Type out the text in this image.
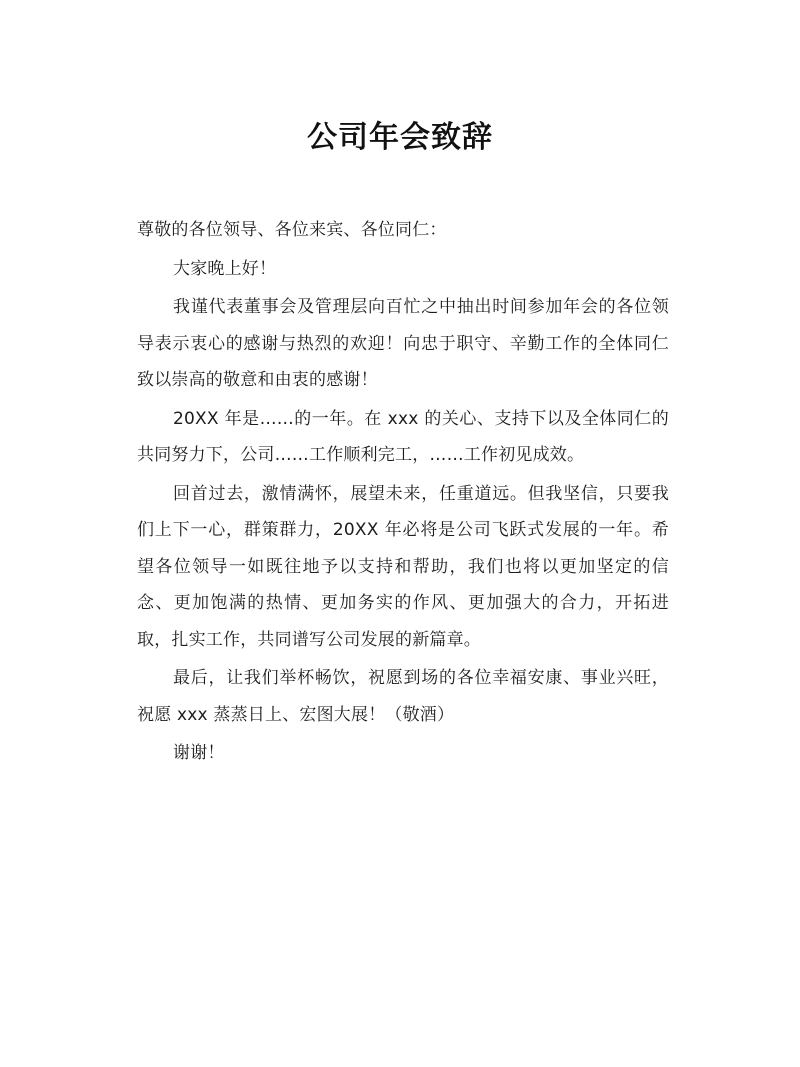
公司年会致辞

尊敬的各位领导、各位来宾、各位同仁：

大家晚上好！

我谨代表董事会及管理层向百忙之中抽出时间参加年会的各位领导表示衷心的感谢与热烈的欢迎！向忠于职守、辛勤工作的全体同仁致以崇高的敬意和由衷的感谢！

20XX 年是……的一年。在 xxx 的关心、支持下以及全体同仁的共同努力下，公司……工作顺利完工，……工作初见成效。

回首过去，激情满怀，展望未来，任重道远。但我坚信，只要我们上下一心，群策群力，20XX 年必将是公司飞跃式发展的一年。希望各位领导一如既往地予以支持和帮助，我们也将以更加坚定的信念、更加饱满的热情、更加务实的作风、更加强大的合力，开拓进取，扎实工作，共同谱写公司发展的新篇章。

最后，让我们举杯畅饮，祝愿到场的各位幸福安康、事业兴旺，祝愿 xxx 蒸蒸日上、宏图大展！（敬酒）

谢谢！
